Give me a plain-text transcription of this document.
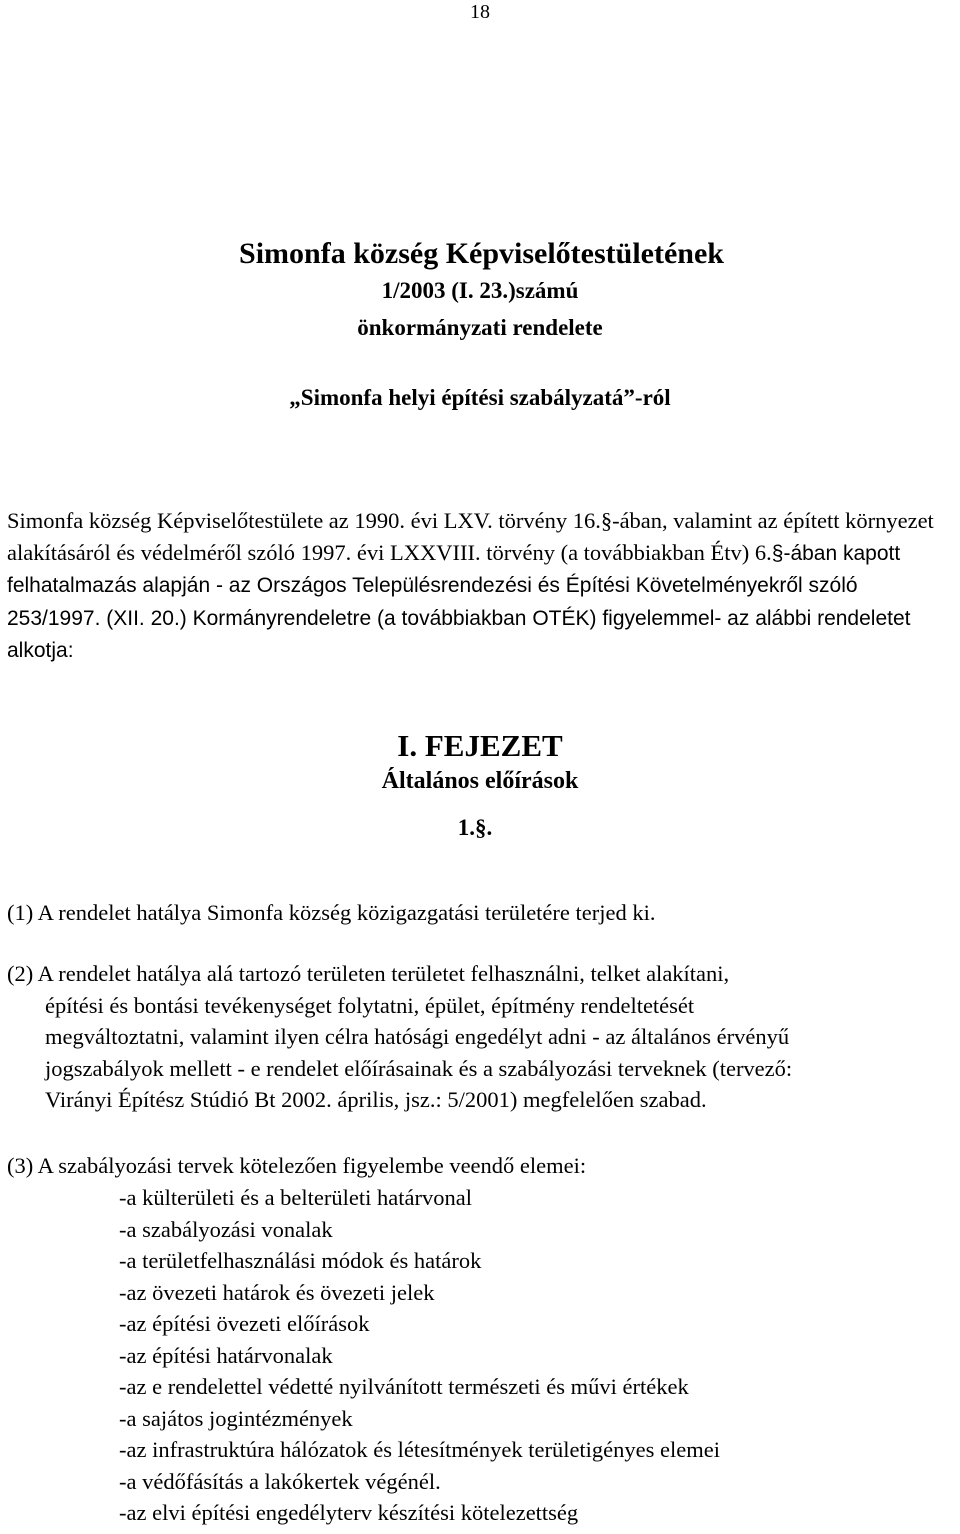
18
Simonfa község Képviselőtestületének
1/2003 (I. 23.)számú
önkormányzati rendelete
„Simonfa helyi építési szabályzatá”-ról
Simonfa község Képviselőtestülete az 1990. évi LXV. törvény 16.§-ában, valamint az épített környezet alakításáról és védelméről szóló 1997. évi LXXVIII. törvény (a továbbiakban Étv) 6.§-ában kapott felhatalmazás alapján - az Országos Településrendezési és Építési Követelményekről szóló 253/1997. (XII. 20.) Kormányrendeletre (a továbbiakban OTÉK) figyelemmel- az alábbi rendeletet alkotja:
I. FEJEZET
Általános előírások
1.§.
(1) A rendelet hatálya Simonfa község közigazgatási területére terjed ki.
(2) A rendelet hatálya alá tartozó területen területet felhasználni, telket alakítani,
építési és bontási tevékenységet folytatni, épület, építmény rendeltetését
megváltoztatni, valamint ilyen célra hatósági engedélyt adni - az általános érvényű
jogszabályok mellett - e rendelet előírásainak és a szabályozási terveknek (tervező:
Virányi Építész Stúdió Bt 2002. április, jsz.: 5/2001) megfelelően szabad.
(3) A szabályozási tervek kötelezően figyelembe veendő elemei:
-a külterületi és a belterületi határvonal
-a szabályozási vonalak
-a területfelhasználási módok és határok
-az övezeti határok és övezeti jelek
-az építési övezeti előírások
-az építési határvonalak
-az e rendelettel védetté nyilvánított természeti és művi értékek
-a sajátos jogintézmények
-az infrastruktúra hálózatok és létesítmények területigényes elemei
-a védőfásítás a lakókertek végénél.
-az elvi építési engedélyterv készítési kötelezettség
